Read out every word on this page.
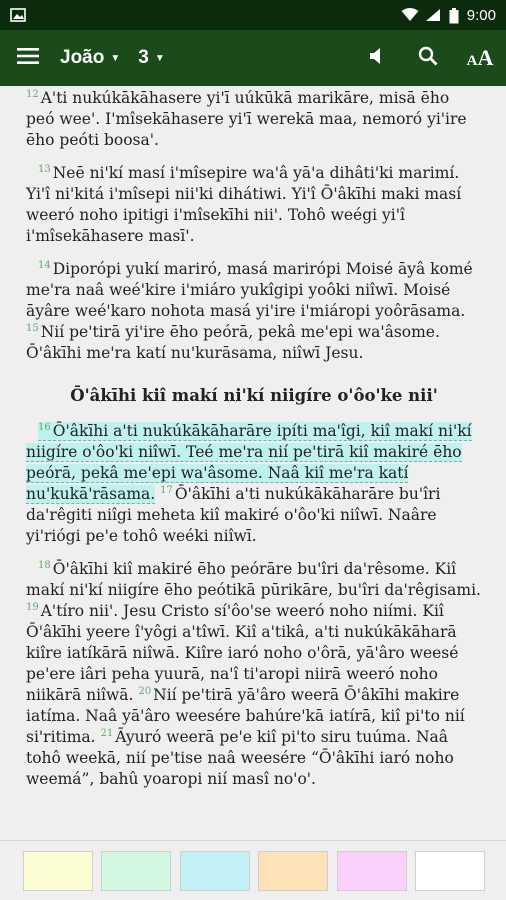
9:00
João ▼ 3 ▼	AA

$^{12}$ A'ti nukúkākāhasere yi'ī uúkūkā marikāre, misā ēho peó wee'. I'mîsekāhasere yi'ī werekā maa, nemoró yi'ire ēho peóti boosa'.

$^{13}$ Neē ni'kí masí i'mîsepire wa'â yā'a dihâti'ki marimí. Yi'î ni'kitá i'mîsepi nii'ki dihátiwi. Yi'î Ō'âkīhi maki masí weeró noho ipitigi i'mîsekīhi nii'. Tohô weégi yi'î i'mîsekāhasere masī'.

$^{14}$ Diporópi yukí mariró, masá marirópi Moisé āyâ komé me'ra naâ weé'kire i'miáro yukîgipi yoôki niîwī. Moisé āyâre weé'karo nohota masá yi'ire i'miáropi yoôrāsama. $^{15}$ Nií pe'tirā yi'ire ēho peórā, pekâ me'epi wa'âsome. Ō'âkīhi me'ra katí nu'kurāsama, niîwī Jesu.

Ō'âkīhi kiî makí ni'kí niigíre o'ôo'ke nii'

$^{16}$ Ō'âkīhi a'ti nukúkākāharāre ipíti ma'îgi, kiî makí ni'kí niigíre o'ôo'ki niîwī. Teé me'ra nií pe'tirā kiî makiré ēho peórā, pekâ me'epi wa'âsome. Naâ kiî me'ra katí nu'kukā'rāsama. $^{17}$ Ō'âkīhi a'ti nukúkākāharāre bu'îri da'rêgiti niîgi meheta kiî makiré o'ôo'ki niîwī. Naâre yi'riógi pe'e tohô weéki niîwī.

$^{18}$ Ō'âkīhi kiî makiré ēho peórāre bu'îri da'rêsome. Kiî makí ni'kí niigíre ēho peótikā pūrikāre, bu'îri da'rêgisami. $^{19}$ A'tíro nii'. Jesu Cristo sí'ôo'se weeró noho niími. Kiî Ō'âkīhi yeere î'yôgi a'tîwī. Kiî a'tikâ, a'ti nukúkākāharā kiîre iatíkārā niîwā. Kiîre iaró noho o'ôrā, yā'âro weesé pe'ere iâri peha yuurā, na'î ti'aropi niirā weeró noho niikārā niîwā. $^{20}$ Nií pe'tirā yā'âro weerā Ō'âkīhi makire iatíma. Naâ yā'âro weesére bahúre'kā iatírā, kiî pi'to nií si'ritima. $^{21}$ Āyuró weerā pe'e kiî pi'to siru tuúma. Naâ tohô weekā, nií pe'tise naâ weesére “Ō'âkīhi iaró noho weemá”, bahû yoaropi nií masî no'o'.
